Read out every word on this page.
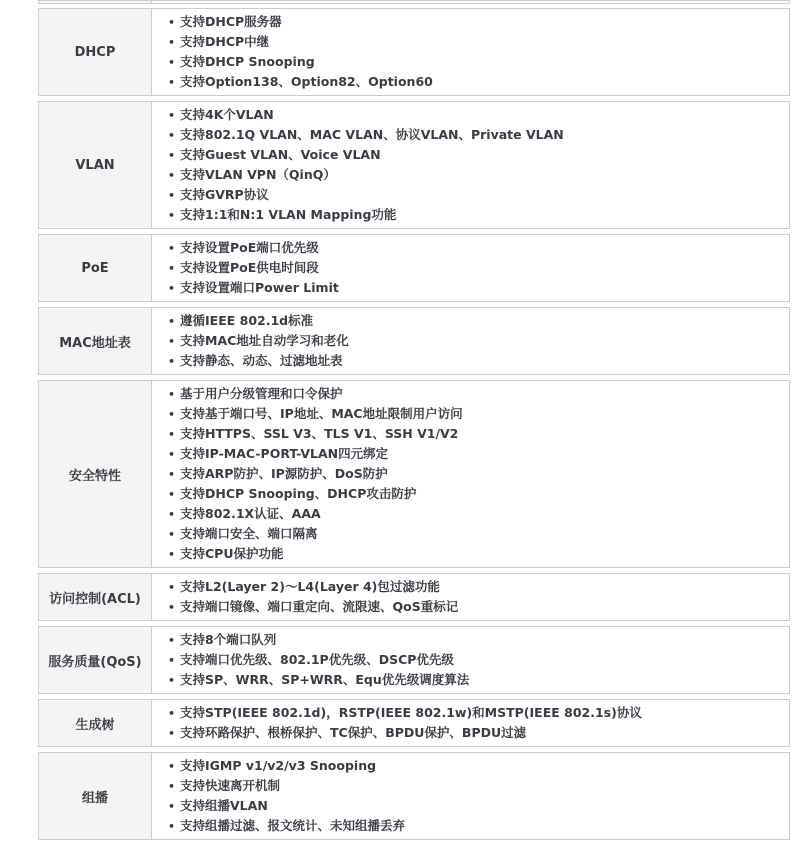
DHCP
• 支持DHCP服务器
• 支持DHCP中继
• 支持DHCP Snooping
• 支持Option138、Option82、Option60
VLAN
• 支持4K个VLAN
• 支持802.1Q VLAN、MAC VLAN、协议VLAN、Private VLAN
• 支持Guest VLAN、Voice VLAN
• 支持VLAN VPN（QinQ）
• 支持GVRP协议
• 支持1:1和N:1 VLAN Mapping功能
PoE
• 支持设置PoE端口优先级
• 支持设置PoE供电时间段
• 支持设置端口Power Limit
MAC地址表
• 遵循IEEE 802.1d标准
• 支持MAC地址自动学习和老化
• 支持静态、动态、过滤地址表
安全特性
• 基于用户分级管理和口令保护
• 支持基于端口号、IP地址、MAC地址限制用户访问
• 支持HTTPS、SSL V3、TLS V1、SSH V1/V2
• 支持IP-MAC-PORT-VLAN四元绑定
• 支持ARP防护、IP源防护、DoS防护
• 支持DHCP Snooping、DHCP攻击防护
• 支持802.1X认证、AAA
• 支持端口安全、端口隔离
• 支持CPU保护功能
访问控制(ACL)
• 支持L2(Layer 2)～L4(Layer 4)包过滤功能
• 支持端口镜像、端口重定向、流限速、QoS重标记
服务质量(QoS)
• 支持8个端口队列
• 支持端口优先级、802.1P优先级、DSCP优先级
• 支持SP、WRR、SP+WRR、Equ优先级调度算法
生成树
• 支持STP(IEEE 802.1d)，RSTP(IEEE 802.1w)和MSTP(IEEE 802.1s)协议
• 支持环路保护、根桥保护、TC保护、BPDU保护、BPDU过滤
组播
• 支持IGMP v1/v2/v3 Snooping
• 支持快速离开机制
• 支持组播VLAN
• 支持组播过滤、报文统计、未知组播丢弃
